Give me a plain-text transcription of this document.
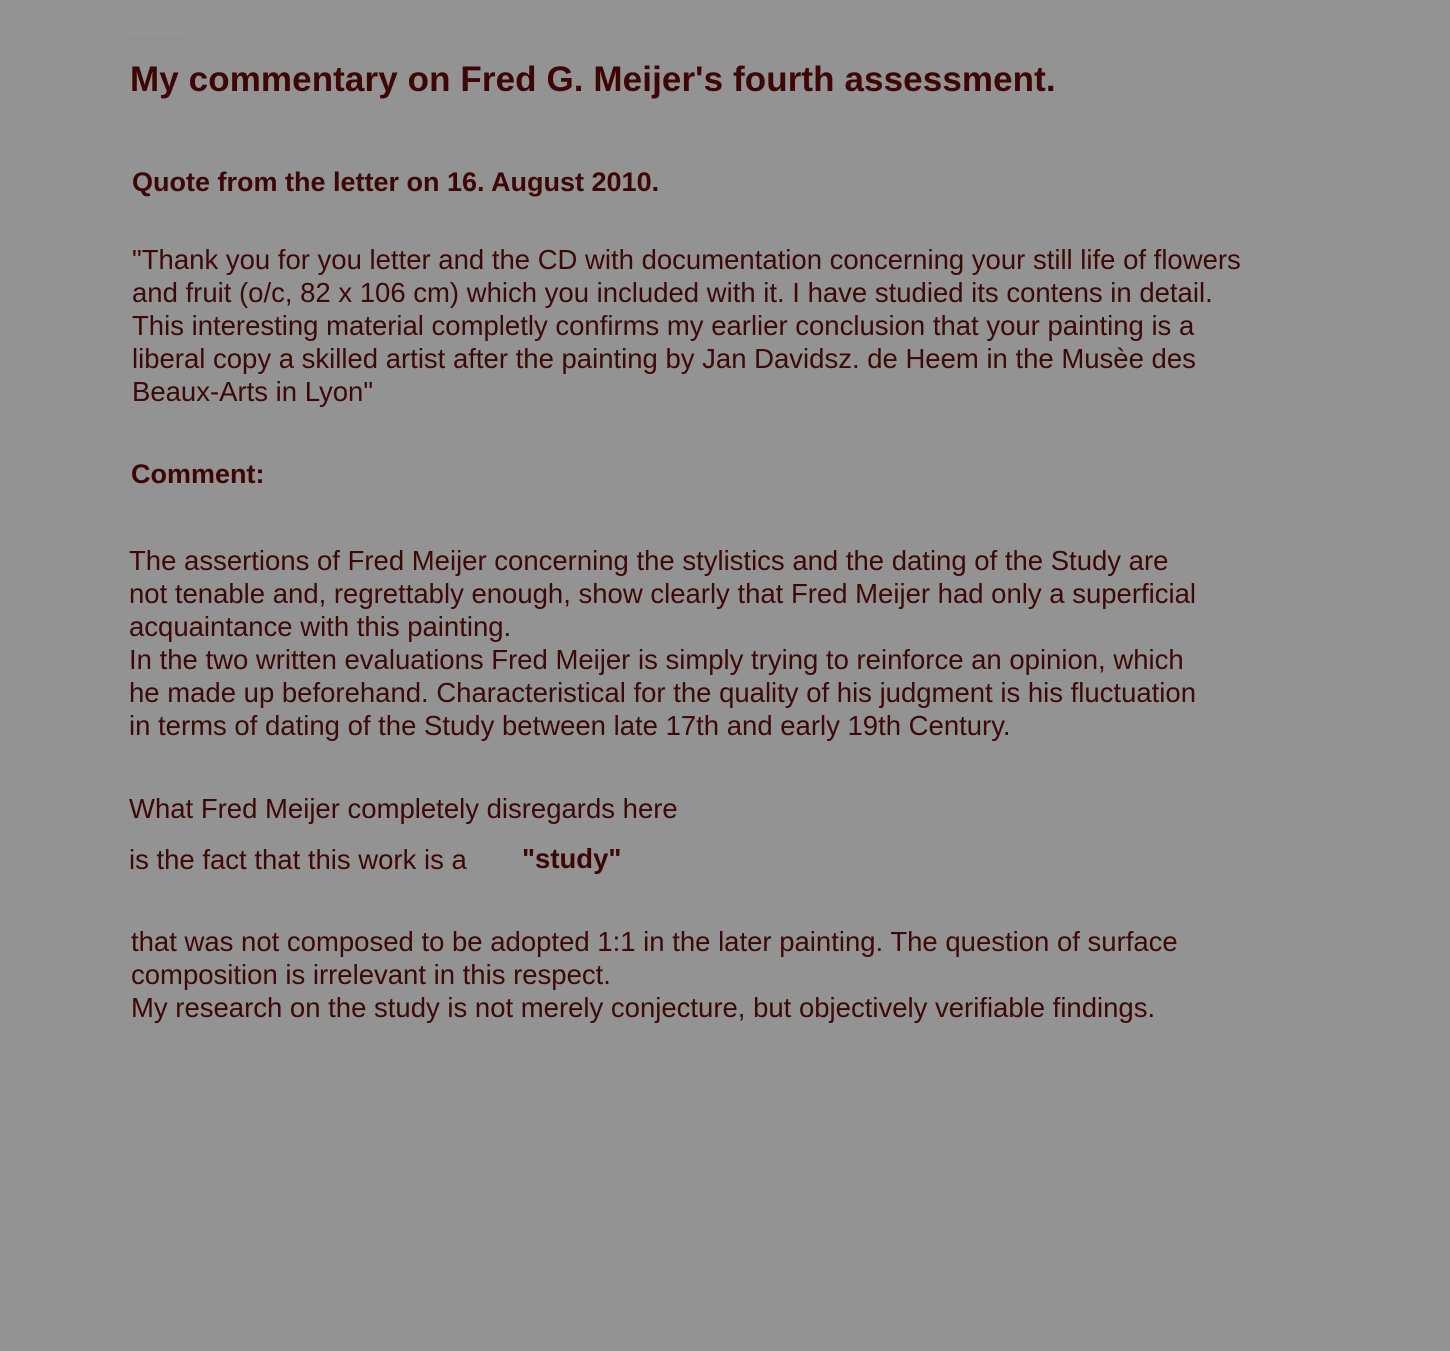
My commentary on Fred G. Meijer's fourth assessment.
Quote from the letter on 16. August 2010.

"Thank you for you letter and the CD with documentation concerning your still life of flowers
and fruit (o/c, 82 x 106 cm) which you included with it. I have studied its contens in detail.
This interesting material completly confirms my earlier conclusion that your painting is a
liberal copy a skilled artist after the painting by Jan Davidsz. de Heem in the Musèe des
Beaux-Arts in Lyon"

Comment:

The assertions of Fred Meijer concerning the stylistics and the dating of the Study are
not tenable and, regrettably enough, show clearly that Fred Meijer had only a superficial
acquaintance with this painting.
In the two written evaluations Fred Meijer is simply trying to reinforce an opinion, which
he made up beforehand. Characteristical for the quality of his judgment is his fluctuation
in terms of dating of the Study between late 17th and early 19th Century.

What Fred Meijer completely disregards here

is the fact that this work is a "study"

that was not composed to be adopted 1:1 in the later painting. The question of surface
composition is irrelevant in this respect.
My research on the study is not merely conjecture, but objectively verifiable findings.
